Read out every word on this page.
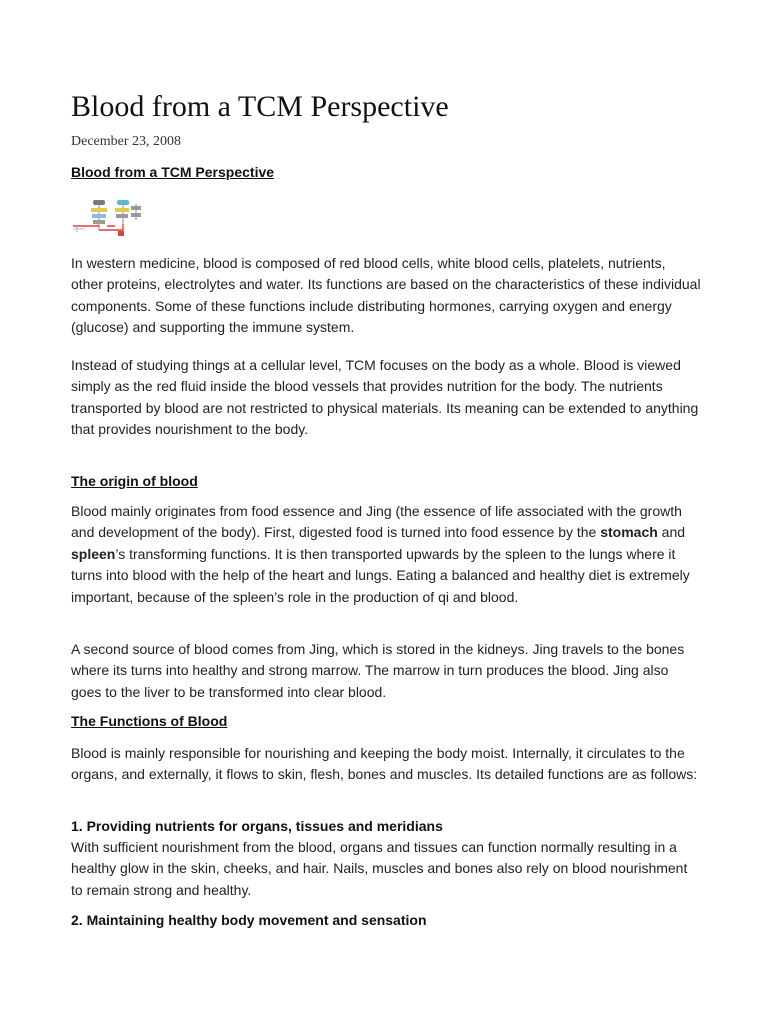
Blood from a TCM Perspective
December 23, 2008

Blood from a TCM Perspective

In western medicine, blood is composed of red blood cells, white blood cells, platelets, nutrients, other proteins, electrolytes and water. Its functions are based on the characteristics of these individual components. Some of these functions include distributing hormones, carrying oxygen and energy (glucose) and supporting the immune system.

Instead of studying things at a cellular level, TCM focuses on the body as a whole. Blood is viewed simply as the red fluid inside the blood vessels that provides nutrition for the body. The nutrients transported by blood are not restricted to physical materials. Its meaning can be extended to anything that provides nourishment to the body.

The origin of blood

Blood mainly originates from food essence and Jing (the essence of life associated with the growth and development of the body). First, digested food is turned into food essence by the stomach and spleen’s transforming functions. It is then transported upwards by the spleen to the lungs where it turns into blood with the help of the heart and lungs. Eating a balanced and healthy diet is extremely important, because of the spleen’s role in the production of qi and blood.

A second source of blood comes from Jing, which is stored in the kidneys. Jing travels to the bones where its turns into healthy and strong marrow. The marrow in turn produces the blood. Jing also goes to the liver to be transformed into clear blood.

The Functions of Blood

Blood is mainly responsible for nourishing and keeping the body moist. Internally, it circulates to the organs, and externally, it flows to skin, flesh, bones and muscles. Its detailed functions are as follows:

1. Providing nutrients for organs, tissues and meridians

With sufficient nourishment from the blood, organs and tissues can function normally resulting in a healthy glow in the skin, cheeks, and hair. Nails, muscles and bones also rely on blood nourishment to remain strong and healthy.

2. Maintaining healthy body movement and sensation
